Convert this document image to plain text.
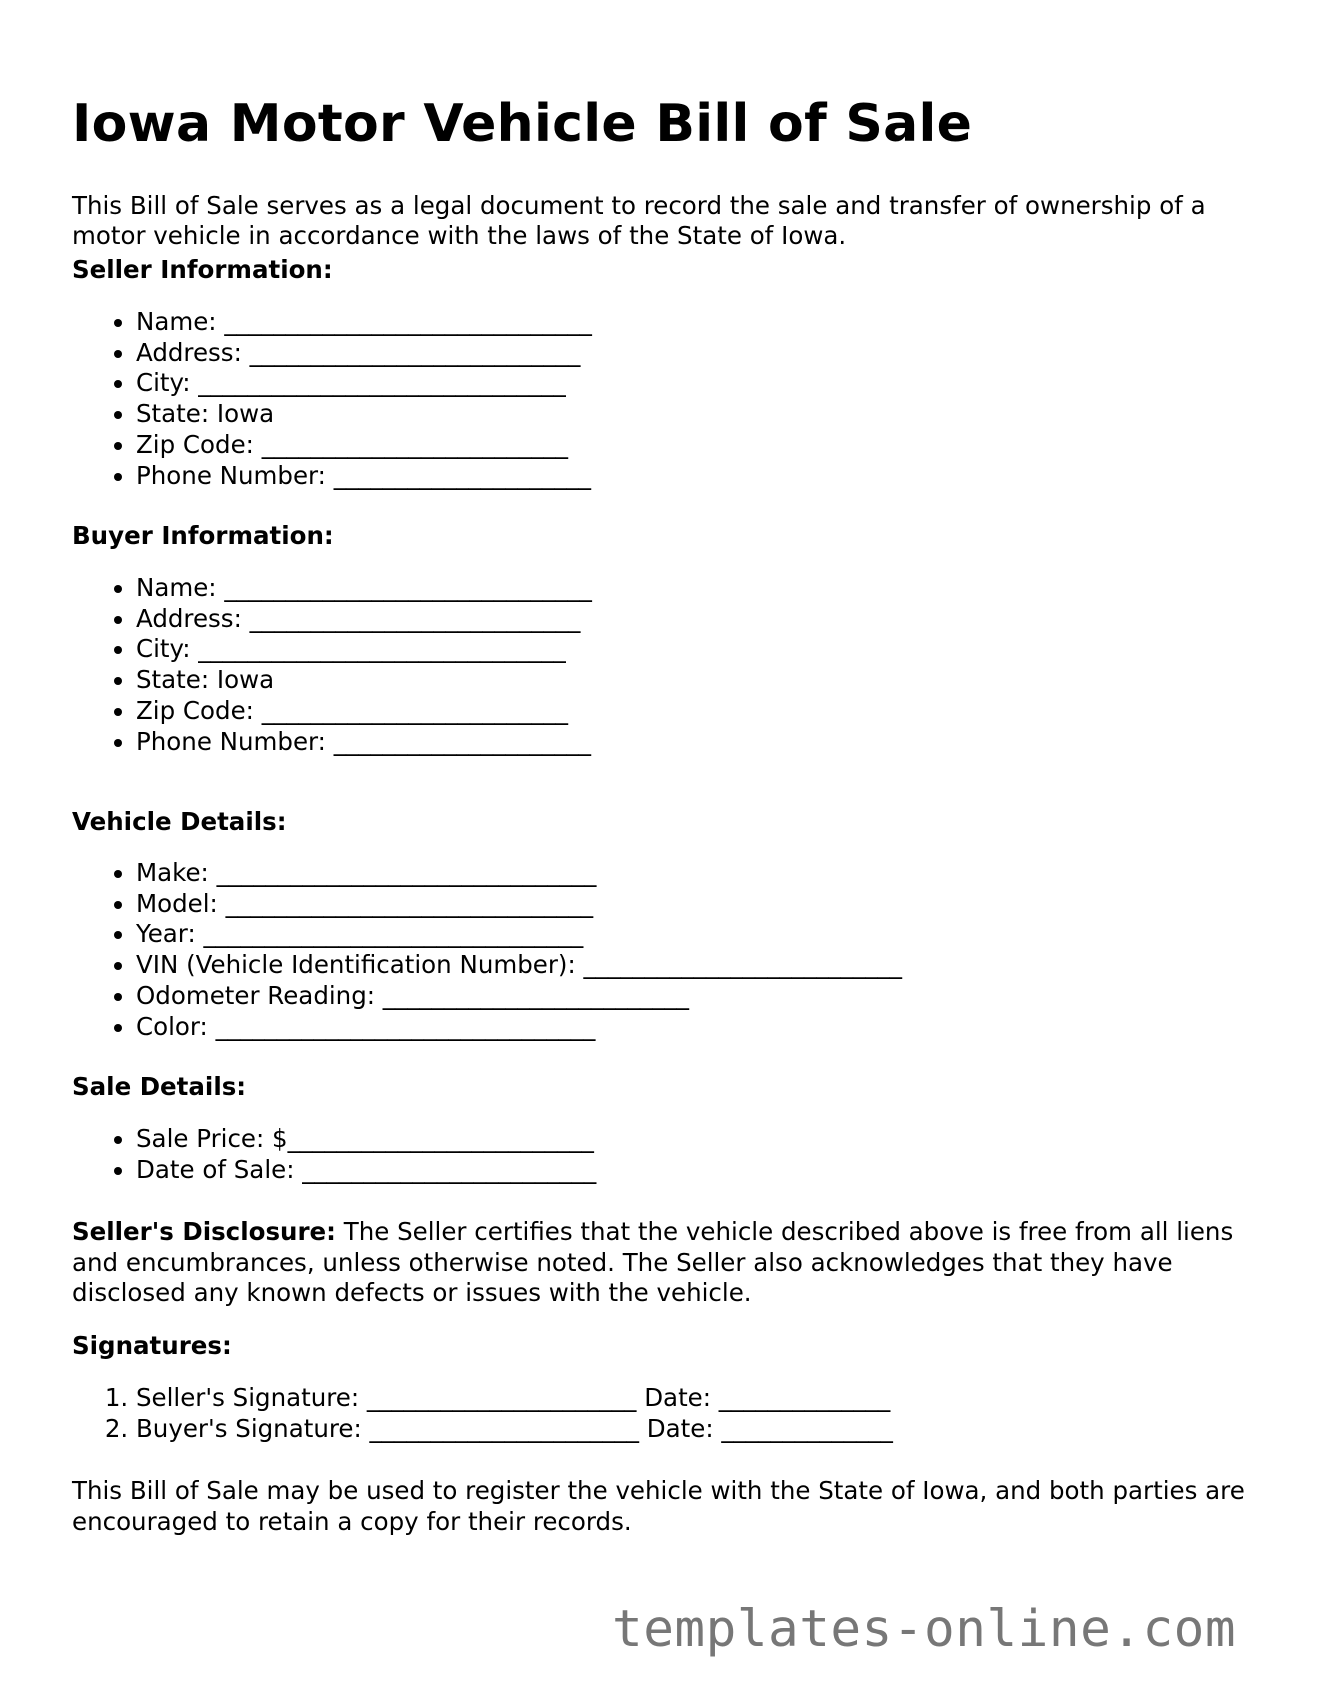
Iowa Motor Vehicle Bill of Sale

This Bill of Sale serves as a legal document to record the sale and transfer of ownership of a motor vehicle in accordance with the laws of the State of Iowa.

Seller Information:
• Name: ______________________________
• Address: ___________________________
• City: ______________________________
• State: Iowa
• Zip Code: _________________________
• Phone Number: _____________________
Buyer Information:
• Name: ______________________________
• Address: ___________________________
• City: ______________________________
• State: Iowa
• Zip Code: _________________________
• Phone Number: _____________________
Vehicle Details:
• Make: _______________________________
• Model: ______________________________
• Year: _______________________________
• VIN (Vehicle Identification Number): __________________________
• Odometer Reading: _________________________
• Color: _______________________________
Sale Details:
• Sale Price: $_________________________
• Date of Sale: ________________________

Seller's Disclosure: The Seller certifies that the vehicle described above is free from all liens and encumbrances, unless otherwise noted. The Seller also acknowledges that they have disclosed any known defects or issues with the vehicle.

Signatures:
1. Seller's Signature: ______________________ Date: ______________
2. Buyer's Signature: ______________________ Date: ______________

This Bill of Sale may be used to register the vehicle with the State of Iowa, and both parties are encouraged to retain a copy for their records.

templates-online.com
